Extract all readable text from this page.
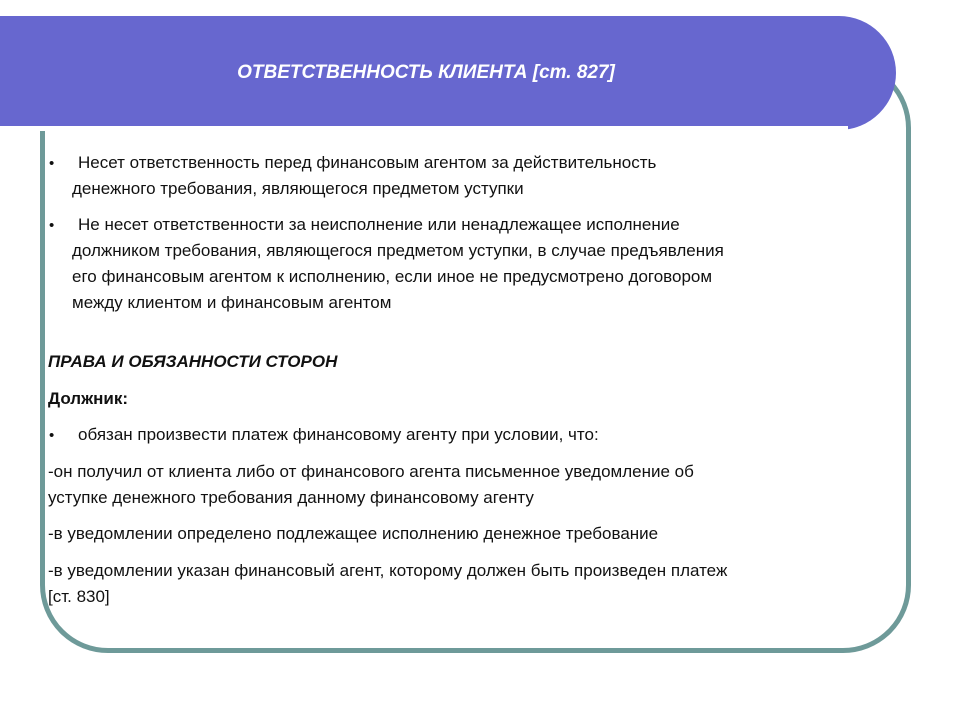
ОТВЕТСТВЕННОСТЬ КЛИЕНТА [ст. 827]
• Несет ответственность перед финансовым агентом за действительность
денежного требования, являющегося предметом уступки
• Не несет ответственности за неисполнение или ненадлежащее исполнение
должником требования, являющегося предметом уступки, в случае предъявления
его финансовым агентом к исполнению, если иное не предусмотрено договором
между клиентом и финансовым агентом
ПРАВА И ОБЯЗАННОСТИ СТОРОН
Должник:
• обязан произвести платеж финансовому агенту при условии, что:
-он получил от клиента либо от финансового агента письменное уведомление об
уступке денежного требования данному финансовому агенту
-в уведомлении определено подлежащее исполнению денежное требование
-в уведомлении указан финансовый агент, которому должен быть произведен платеж
[ст. 830]
